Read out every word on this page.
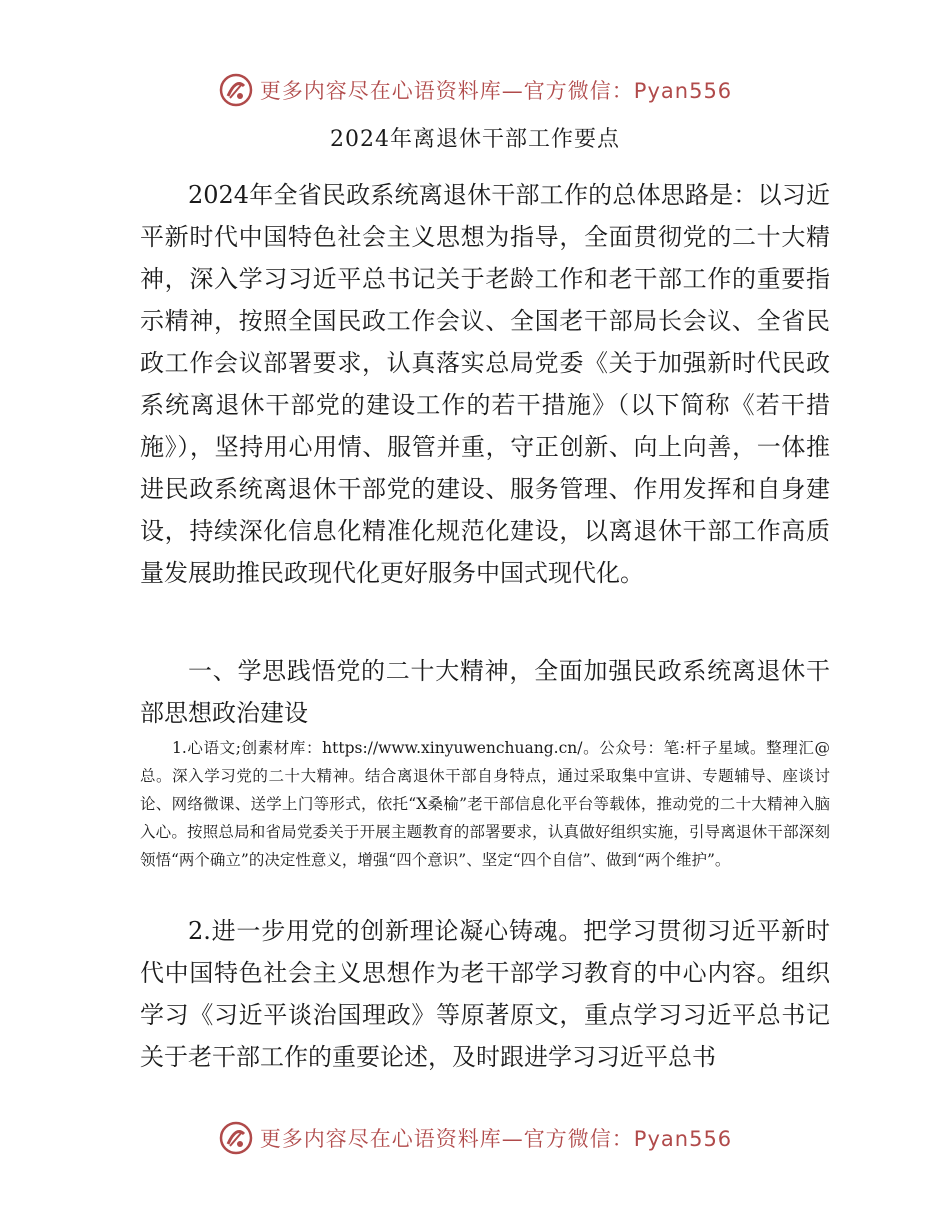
更多内容尽在心语资料库—官方微信：Pyan556
2024年离退休干部工作要点

2024年全省民政系统离退休干部工作的总体思路是：以习近平新时代中国特色社会主义思想为指导，全面贯彻党的二十大精神，深入学习习近平总书记关于老龄工作和老干部工作的重要指示精神，按照全国民政工作会议、全国老干部局长会议、全省民政工作会议部署要求，认真落实总局党委《关于加强新时代民政系统离退休干部党的建设工作的若干措施》（以下简称《若干措施》），坚持用心用情、服管并重，守正创新、向上向善，一体推进民政系统离退休干部党的建设、服务管理、作用发挥和自身建设，持续深化信息化精准化规范化建设，以离退休干部工作高质量发展助推民政现代化更好服务中国式现代化。

一、学思践悟党的二十大精神，全面加强民政系统离退休干部思想政治建设

1.心语文;创素材库：https://www.xinyuwenchuang.cn/。公众号：笔:杆子星域。整理汇@总。深入学习党的二十大精神。结合离退休干部自身特点，通过采取集中宣讲、专题辅导、座谈讨论、网络微课、送学上门等形式，依托“X桑榆”老干部信息化平台等载体，推动党的二十大精神入脑入心。按照总局和省局党委关于开展主题教育的部署要求，认真做好组织实施，引导离退休干部深刻领悟“两个确立”的决定性意义，增强“四个意识”、坚定“四个自信”、做到“两个维护”。

2.进一步用党的创新理论凝心铸魂。把学习贯彻习近平新时代中国特色社会主义思想作为老干部学习教育的中心内容。组织学习《习近平谈治国理政》等原著原文，重点学习习近平总书记关于老干部工作的重要论述，及时跟进学习习近平总书

更多内容尽在心语资料库—官方微信：Pyan556
